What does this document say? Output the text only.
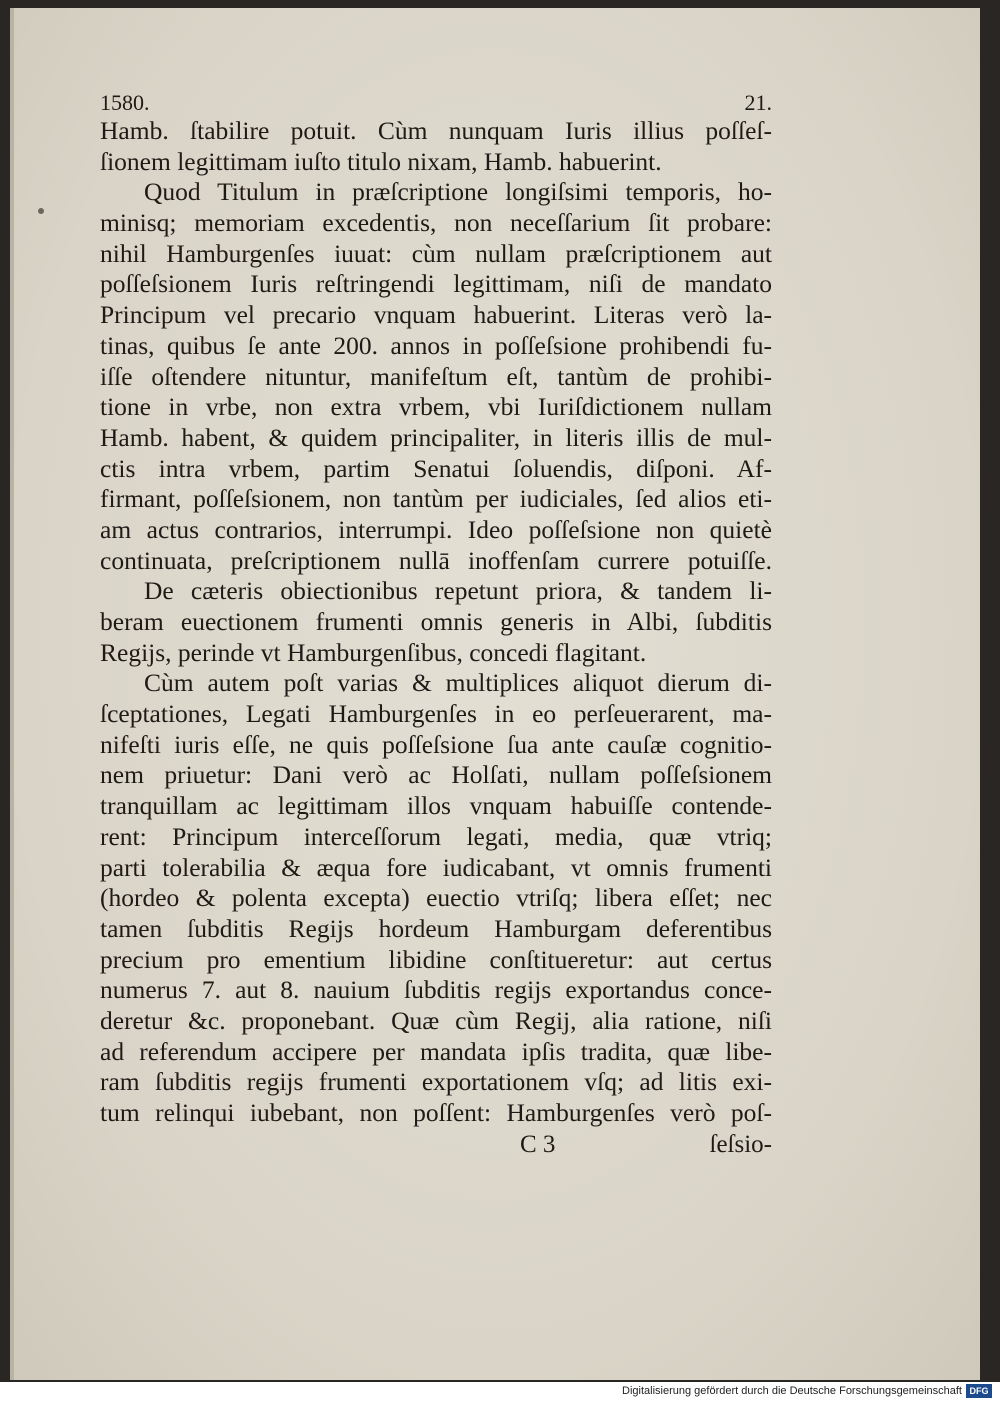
1580.	21.
Hamb. ſtabilire potuit. Cùm nunquam Iuris illius poſſeſ-
ſionem legittimam iuſto titulo nixam, Hamb. habuerint.
Quod Titulum in præſcriptione longiſsimi temporis, ho-
minisq; memoriam excedentis, non neceſſarium ſit probare:
nihil Hamburgenſes iuuat: cùm nullam præſcriptionem aut
poſſeſsionem Iuris reſtringendi legittimam, niſi de mandato
Principum vel precario vnquam habuerint. Literas verò la-
tinas, quibus ſe ante 200. annos in poſſeſsione prohibendi fu-
iſſe oſtendere nituntur, manifeſtum eſt, tantùm de prohibi-
tione in vrbe, non extra vrbem, vbi Iuriſdictionem nullam
Hamb. habent, & quidem principaliter, in literis illis de mul-
ctis intra vrbem, partim Senatui ſoluendis, diſponi. Af-
firmant, poſſeſsionem, non tantùm per iudiciales, ſed alios eti-
am actus contrarios, interrumpi. Ideo poſſeſsione non quietè
continuata, preſcriptionem nullā inoffenſam currere potuiſſe.
De cæteris obiectionibus repetunt priora, & tandem li-
beram euectionem frumenti omnis generis in Albi, ſubditis
Regijs, perinde vt Hamburgenſibus, concedi flagitant.
Cùm autem poſt varias & multiplices aliquot dierum di-
ſceptationes, Legati Hamburgenſes in eo perſeuerarent, ma-
nifeſti iuris eſſe, ne quis poſſeſsione ſua ante cauſæ cognitio-
nem priuetur: Dani verò ac Holſati, nullam poſſeſsionem
tranquillam ac legittimam illos vnquam habuiſſe contende-
rent: Principum interceſſorum legati, media, quæ vtriq;
parti tolerabilia & æqua fore iudicabant, vt omnis frumenti
(hordeo & polenta excepta) euectio vtriſq; libera eſſet; nec
tamen ſubditis Regijs hordeum Hamburgam deferentibus
precium pro ementium libidine conſtitueretur: aut certus
numerus 7. aut 8. nauium ſubditis regijs exportandus conce-
deretur &c. proponebant. Quæ cùm Regij, alia ratione, niſi
ad referendum accipere per mandata ipſis tradita, quæ libe-
ram ſubditis regijs frumenti exportationem vſq; ad litis exi-
tum relinqui iubebant, non poſſent: Hamburgenſes verò poſ-
C 3	ſeſsio-
Digitalisierung gefördert durch die Deutsche Forschungsgemeinschaft DFG
